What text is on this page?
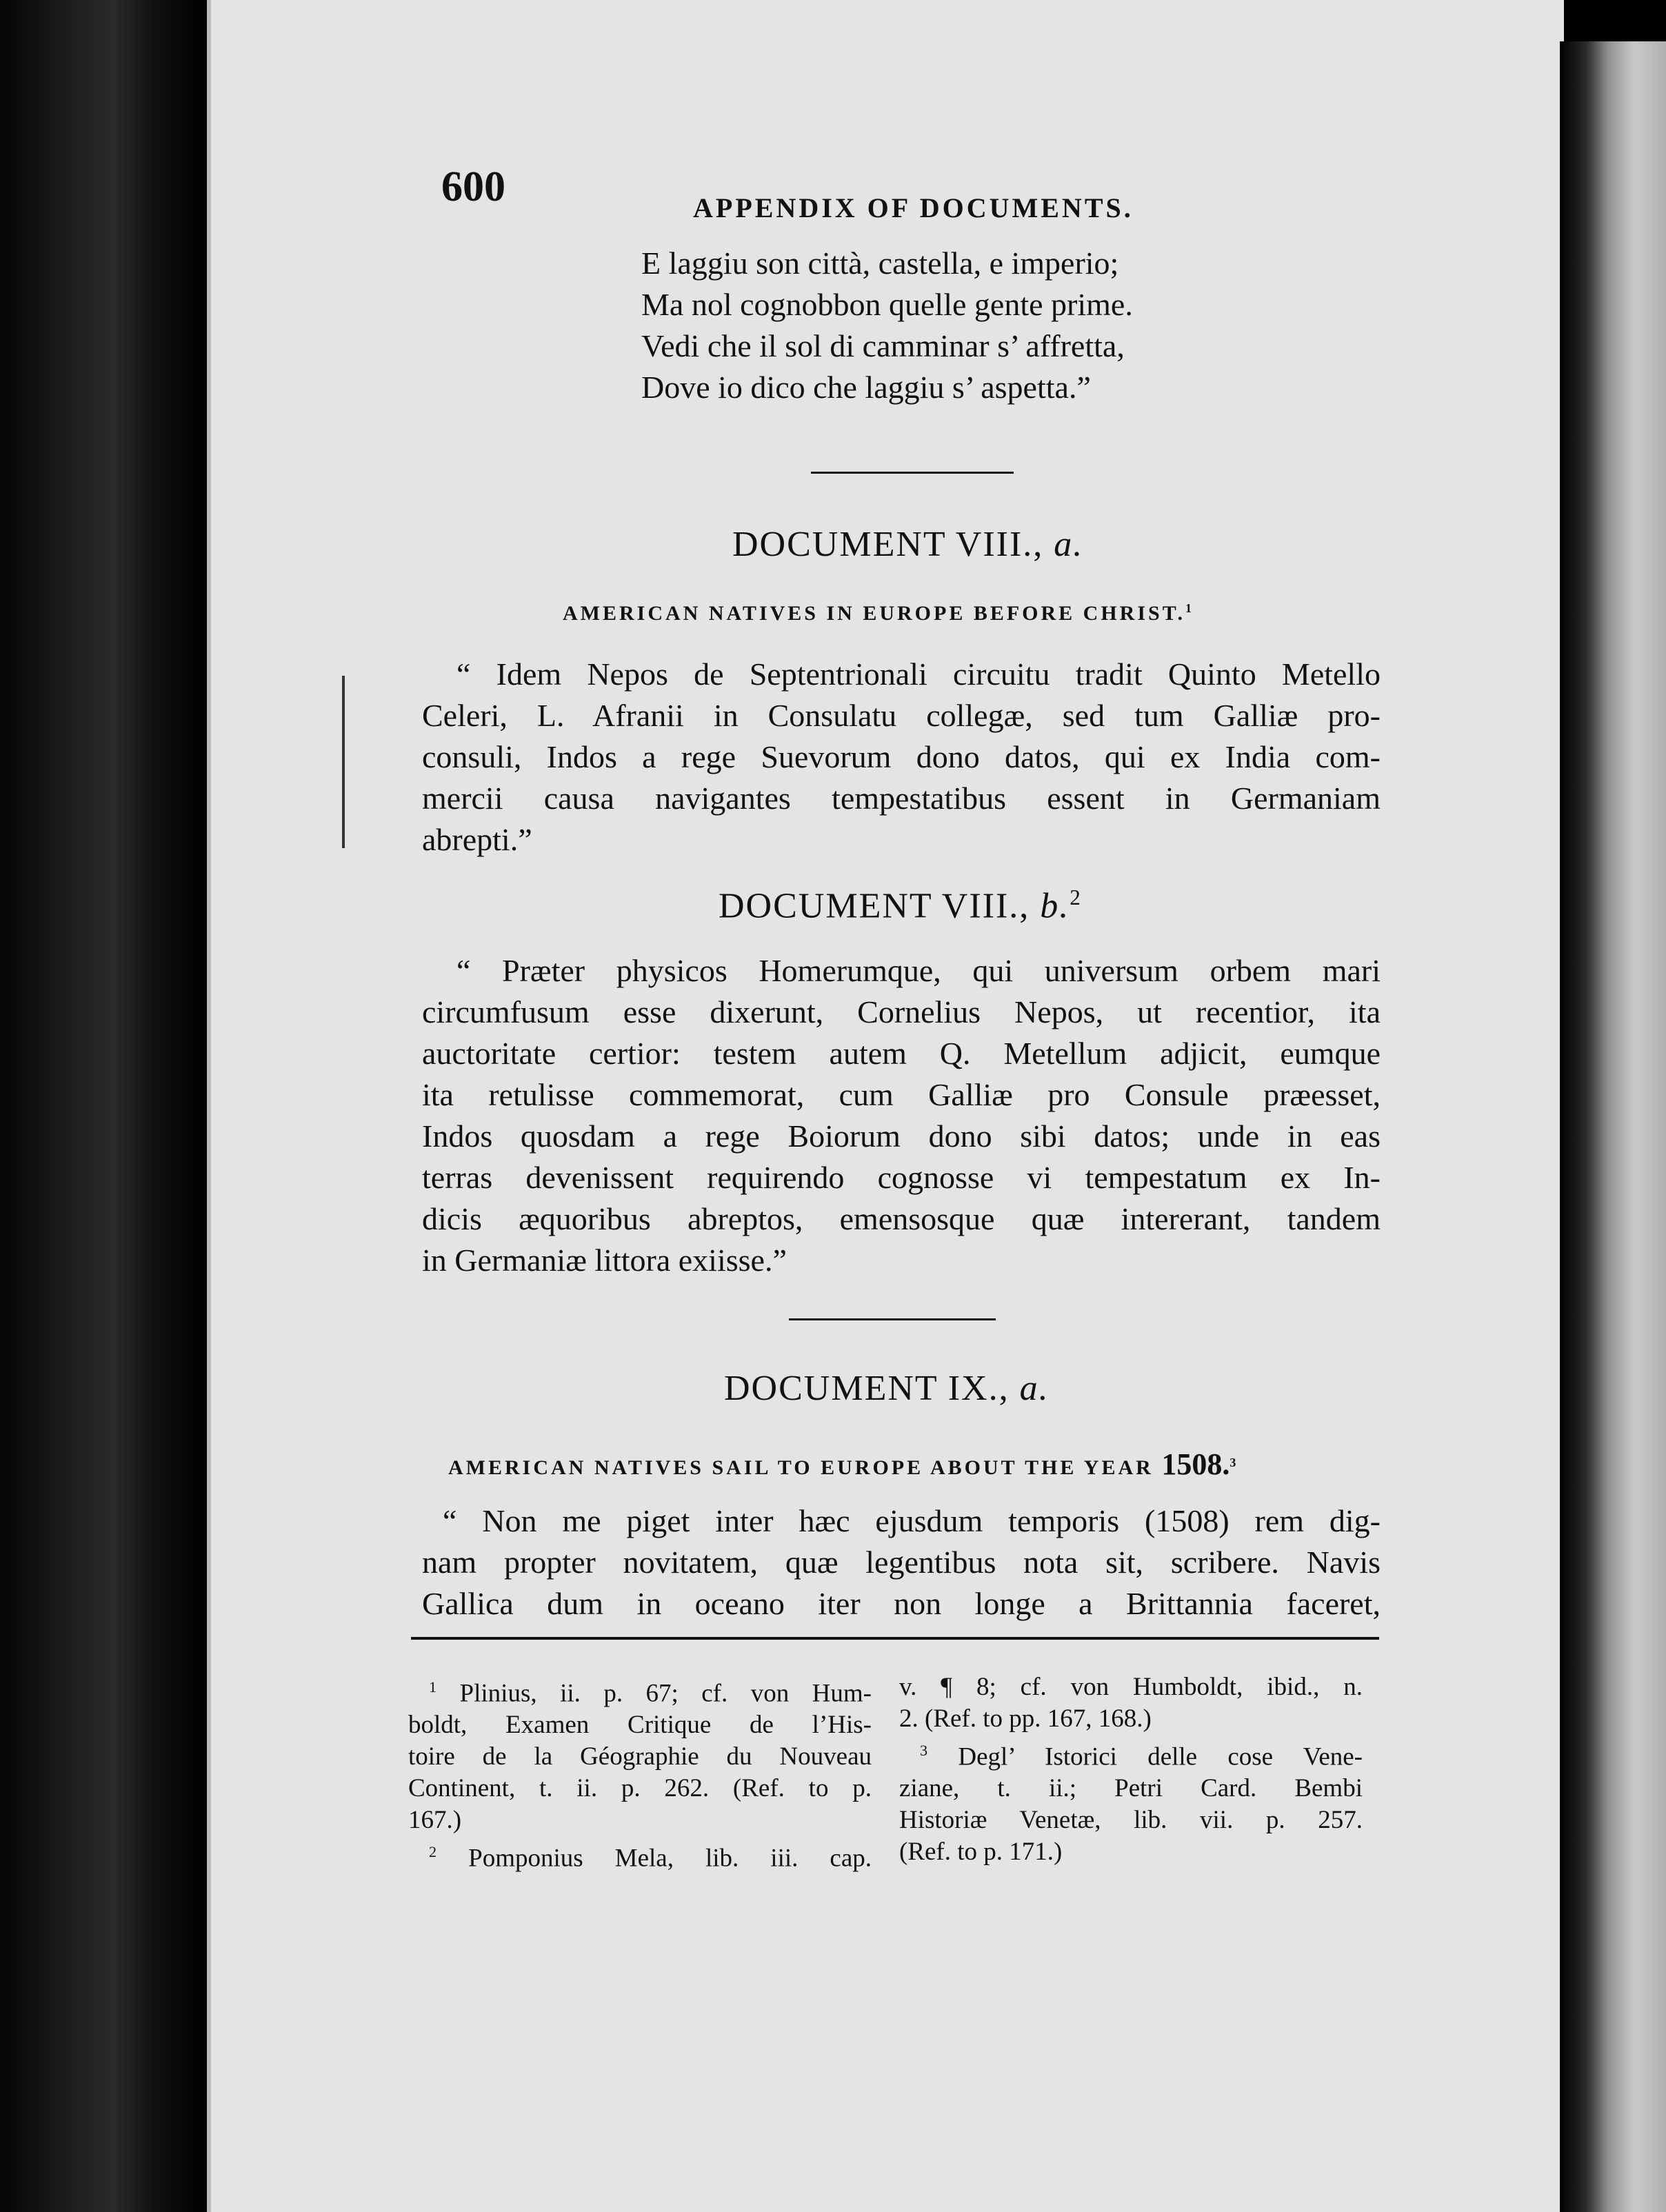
600	APPENDIX OF DOCUMENTS.
E laggiu son città, castella, e imperio;
Ma nol cognobbon quelle gente prime.
Vedi che il sol di camminar s’ affretta,
Dove io dico che laggiu s’ aspetta.”
DOCUMENT VIII., a.
AMERICAN NATIVES IN EUROPE BEFORE CHRIST.$^1$
“ Idem Nepos de Septentrionali circuitu tradit Quinto Metello
Celeri, L. Afranii in Consulatu collegæ, sed tum Galliæ pro-
consuli, Indos a rege Suevorum dono datos, qui ex India com-
mercii causa navigantes tempestatibus essent in Germaniam
abrepti.”
DOCUMENT VIII., b.$^2$
“ Præter physicos Homerumque, qui universum orbem mari
circumfusum esse dixerunt, Cornelius Nepos, ut recentior, ita
auctoritate certior: testem autem Q. Metellum adjicit, eumque
ita retulisse commemorat, cum Galliæ pro Consule præesset,
Indos quosdam a rege Boiorum dono sibi datos; unde in eas
terras devenissent requirendo cognosse vi tempestatum ex In-
dicis æquoribus abreptos, emensosque quæ intererant, tandem
in Germaniæ littora exiisse.”
DOCUMENT IX., a.
AMERICAN NATIVES SAIL TO EUROPE ABOUT THE YEAR 1508.$^3$
“ Non me piget inter hæc ejusdum temporis (1508) rem dig-
nam propter novitatem, quæ legentibus nota sit, scribere. Navis
Gallica dum in oceano iter non longe a Brittannia faceret,
$^1$ Plinius, ii. p. 67; cf. von Hum-
boldt, Examen Critique de l’His-
toire de la Géographie du Nouveau
Continent, t. ii. p. 262. (Ref. to p.
167.)
$^2$ Pomponius Mela, lib. iii. cap.
v. ¶ 8; cf. von Humboldt, ibid., n.
2. (Ref. to pp. 167, 168.)
$^3$ Degl’ Istorici delle cose Vene-
ziane, t. ii.; Petri Card. Bembi
Historiæ Venetæ, lib. vii. p. 257.
(Ref. to p. 171.)
